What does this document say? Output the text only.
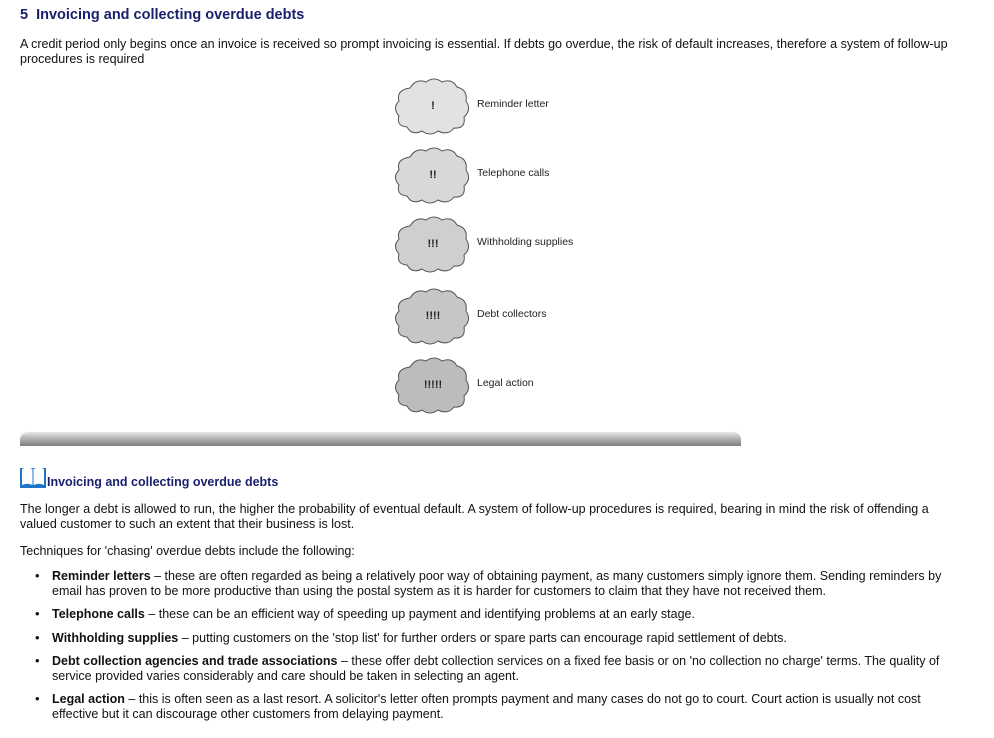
5 Invoicing and collecting overdue debts

A credit period only begins once an invoice is received so prompt invoicing is essential. If debts go overdue, the risk of default increases, therefore a system of follow-up procedures is required

!	Reminder letter
!!	Telephone calls
!!!	Withholding supplies
!!!!	Debt collectors
!!!!!	Legal action
Invoicing and collecting overdue debts

The longer a debt is allowed to run, the higher the probability of eventual default. A system of follow-up procedures is required, bearing in mind the risk of offending a valued customer to such an extent that their business is lost.

Techniques for 'chasing' overdue debts include the following:

• Reminder letters – these are often regarded as being a relatively poor way of obtaining payment, as many customers simply ignore them. Sending reminders by email has proven to be more productive than using the postal system as it is harder for customers to claim that they have not received them.
• Telephone calls – these can be an efficient way of speeding up payment and identifying problems at an early stage.
• Withholding supplies – putting customers on the 'stop list' for further orders or spare parts can encourage rapid settlement of debts.
• Debt collection agencies and trade associations – these offer debt collection services on a fixed fee basis or on 'no collection no charge' terms. The quality of service provided varies considerably and care should be taken in selecting an agent.
• Legal action – this is often seen as a last resort. A solicitor's letter often prompts payment and many cases do not go to court. Court action is usually not cost effective but it can discourage other customers from delaying payment.
